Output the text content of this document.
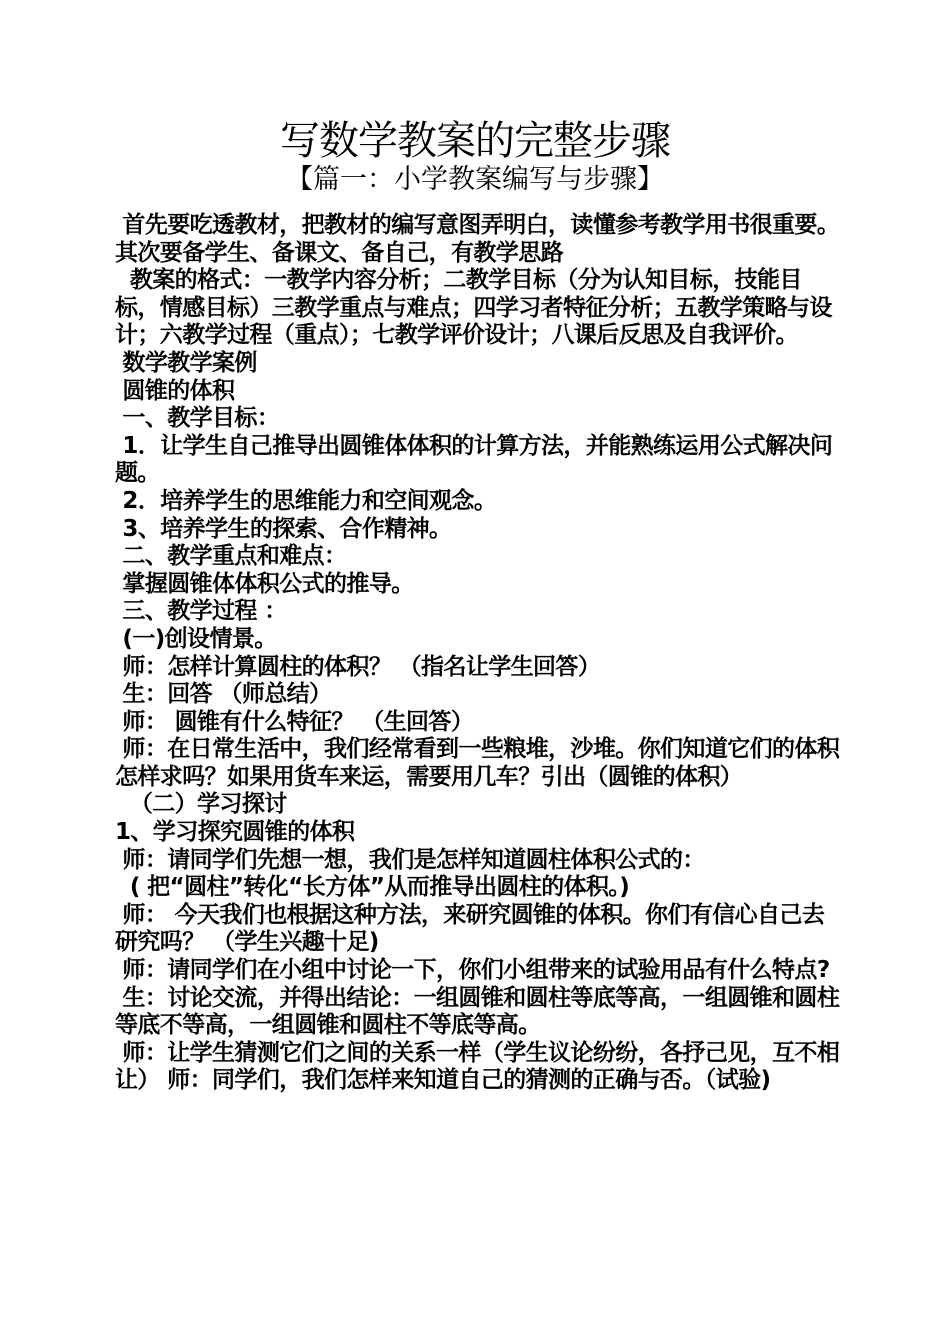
写数学教案的完整步骤
【篇一：小学教案编写与步骤】

首先要吃透教材，把教材的编写意图弄明白，读懂参考教学用书很重要。 其次要备学生、备课文、备自己，有教学思路

教案的格式：一教学内容分析；二教学目标（分为认知目标，技能目标，情感目标）三教学重点与难点；四学习者特征分析；五教学策略与设计；六教学过程（重点）；七教学评价设计；八课后反思及自我评价。

数学教学案例

圆锥的体积

一、教学目标：

1．让学生自己推导出圆锥体体积的计算方法，并能熟练运用公式解决问题。

2．培养学生的思维能力和空间观念。

3、培养学生的探索、合作精神。

二、教学重点和难点：

掌握圆锥体体积公式的推导。

三、教学过程 ：

(一)创设情景。

师：怎样计算圆柱的体积？ （指名让学生回答）

生：回答 （师总结）

师： 圆锥有什么特征？ （生回答）

师：在日常生活中，我们经常看到一些粮堆，沙堆。你们知道它们的体积怎样求吗？如果用货车来运，需要用几车？引出（圆锥的体积）

（二）学习探讨

1、学习探究圆锥的体积

师：请同学们先想一想，我们是怎样知道圆柱体积公式的：

( 把“圆柱”转化“长方体”从而推导出圆柱的体积。)

师： 今天我们也根据这种方法，来研究圆锥的体积。你们有信心自己去研究吗？ （学生兴趣十足)

师：请同学们在小组中讨论一下，你们小组带来的试验用品有什么特点?

生：讨论交流，并得出结论：一组圆锥和圆柱等底等高，一组圆锥和圆柱等底不等高，一组圆锥和圆柱不等底等高。

师：让学生猜测它们之间的关系一样（学生议论纷纷，各抒己见，互不相让） 师：同学们，我们怎样来知道自己的猜测的正确与否。（试验)
